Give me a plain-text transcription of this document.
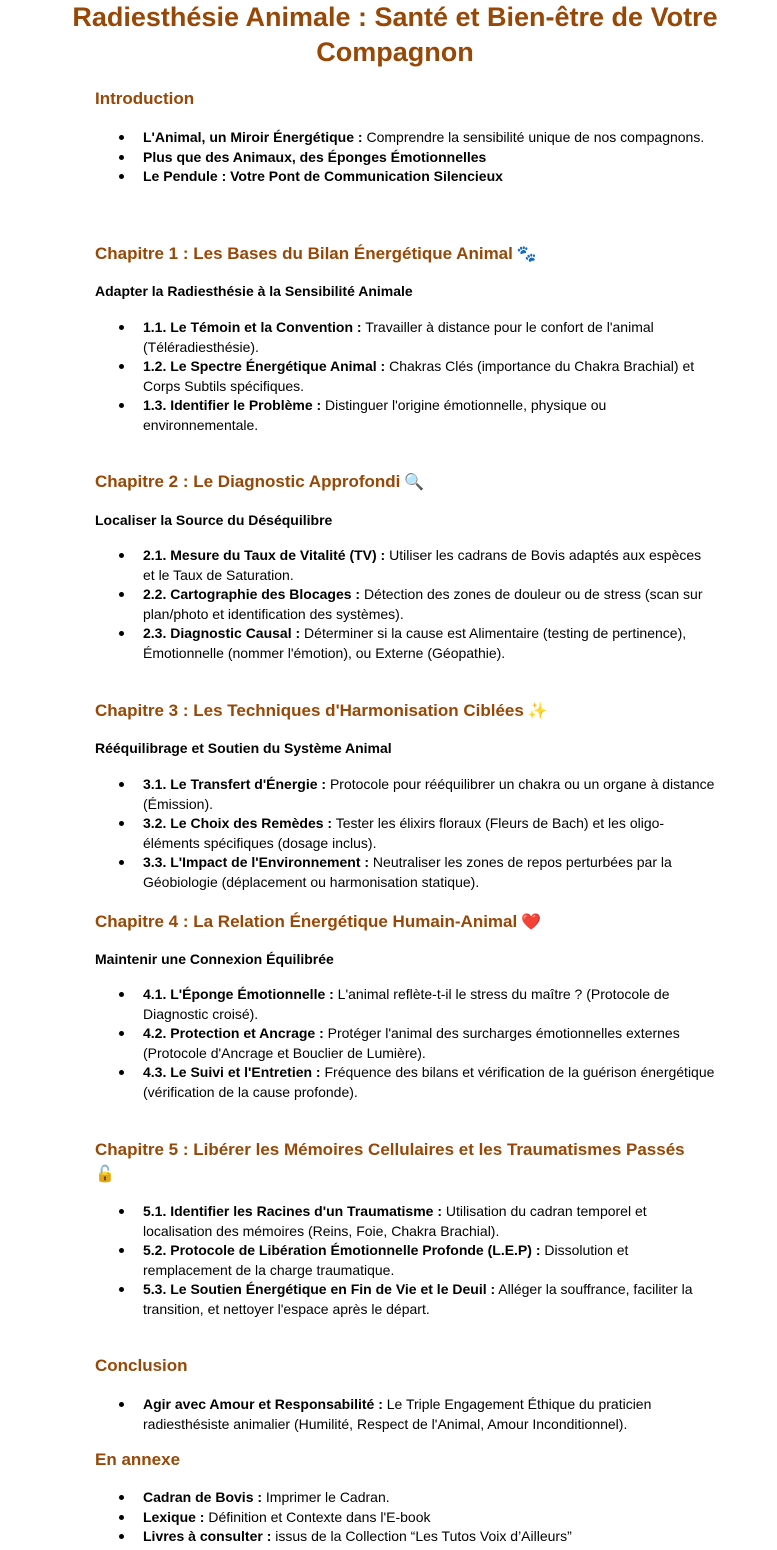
Radiesthésie Animale : Santé et Bien-être de Votre Compagnon
Introduction
L'Animal, un Miroir Énergétique : Comprendre la sensibilité unique de nos compagnons.
Plus que des Animaux, des Éponges Émotionnelles
Le Pendule : Votre Pont de Communication Silencieux
Chapitre 1 : Les Bases du Bilan Énergétique Animal 🐾

Adapter la Radiesthésie à la Sensibilité Animale

1.1. Le Témoin et la Convention : Travailler à distance pour le confort de l'animal (Téléradiesthésie).
1.2. Le Spectre Énergétique Animal : Chakras Clés (importance du Chakra Brachial) et Corps Subtils spécifiques.
1.3. Identifier le Problème : Distinguer l'origine émotionnelle, physique ou environnementale.
Chapitre 2 : Le Diagnostic Approfondi 🔍

Localiser la Source du Déséquilibre

2.1. Mesure du Taux de Vitalité (TV) : Utiliser les cadrans de Bovis adaptés aux espèces et le Taux de Saturation.
2.2. Cartographie des Blocages : Détection des zones de douleur ou de stress (scan sur plan/photo et identification des systèmes).
2.3. Diagnostic Causal : Déterminer si la cause est Alimentaire (testing de pertinence), Émotionnelle (nommer l'émotion), ou Externe (Géopathie).
Chapitre 3 : Les Techniques d'Harmonisation Ciblées ✨

Rééquilibrage et Soutien du Système Animal

3.1. Le Transfert d'Énergie : Protocole pour rééquilibrer un chakra ou un organe à distance (Émission).
3.2. Le Choix des Remèdes : Tester les élixirs floraux (Fleurs de Bach) et les oligo-éléments spécifiques (dosage inclus).
3.3. L'Impact de l'Environnement : Neutraliser les zones de repos perturbées par la Géobiologie (déplacement ou harmonisation statique).
Chapitre 4 : La Relation Énergétique Humain-Animal ❤️

Maintenir une Connexion Équilibrée

4.1. L'Éponge Émotionnelle : L'animal reflète-t-il le stress du maître ? (Protocole de Diagnostic croisé).
4.2. Protection et Ancrage : Protéger l'animal des surcharges émotionnelles externes (Protocole d'Ancrage et Bouclier de Lumière).
4.3. Le Suivi et l'Entretien : Fréquence des bilans et vérification de la guérison énergétique (vérification de la cause profonde).
Chapitre 5 : Libérer les Mémoires Cellulaires et les Traumatismes Passés
🔓
5.1. Identifier les Racines d'un Traumatisme : Utilisation du cadran temporel et localisation des mémoires (Reins, Foie, Chakra Brachial).
5.2. Protocole de Libération Émotionnelle Profonde (L.E.P) : Dissolution et remplacement de la charge traumatique.
5.3. Le Soutien Énergétique en Fin de Vie et le Deuil : Alléger la souffrance, faciliter la transition, et nettoyer l'espace après le départ.
Conclusion
Agir avec Amour et Responsabilité : Le Triple Engagement Éthique du praticien radiesthésiste animalier (Humilité, Respect de l'Animal, Amour Inconditionnel).
En annexe
Cadran de Bovis : Imprimer le Cadran.
Lexique : Définition et Contexte dans l'E-book
Livres à consulter : issus de la Collection “Les Tutos Voix d’Ailleurs”
